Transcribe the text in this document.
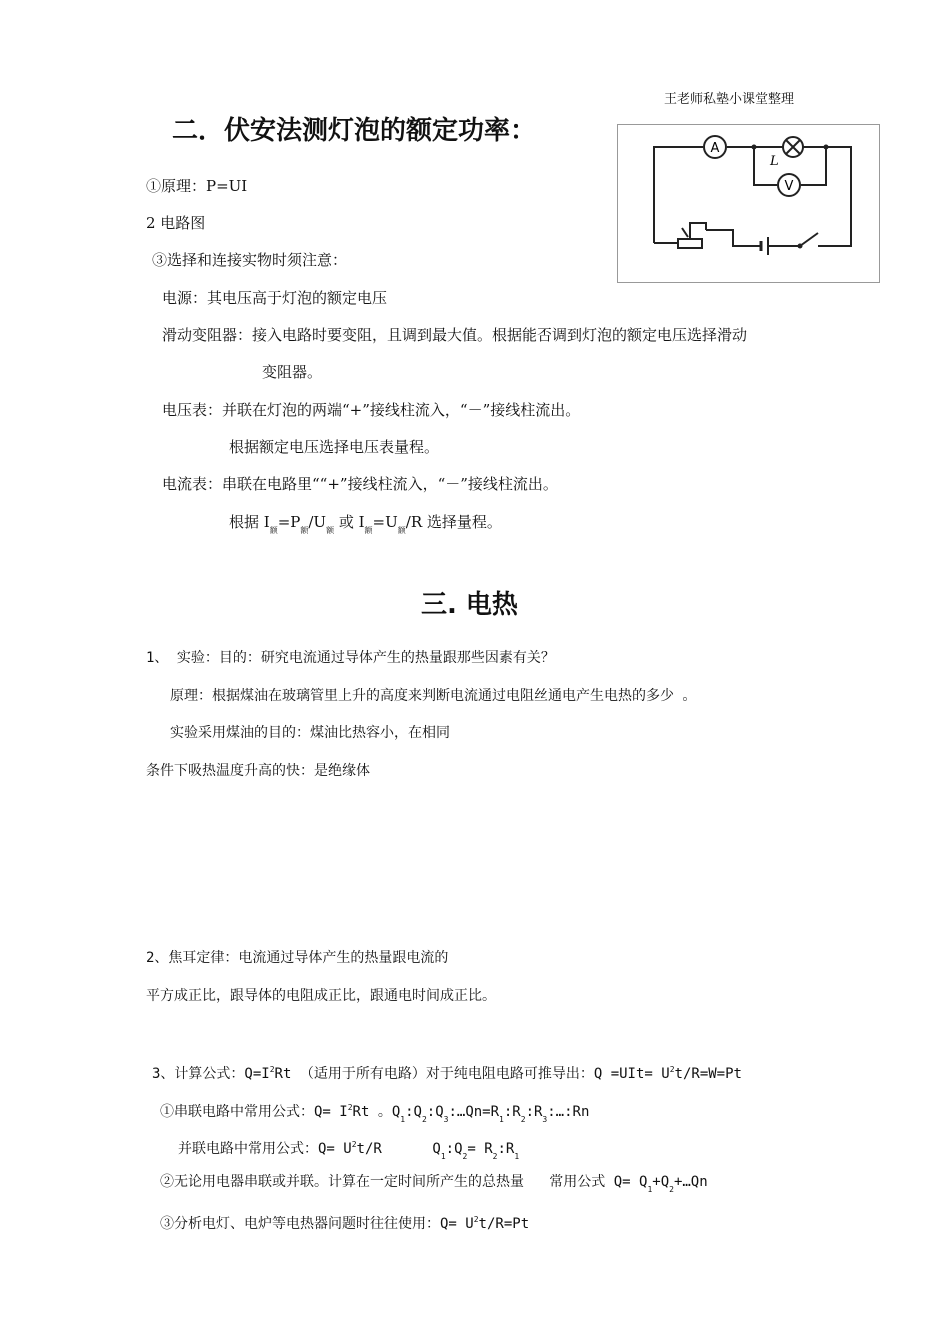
王老师私塾小课堂整理
二．伏安法测灯泡的额定功率：
①原理：P=UI
2 电路图
③选择和连接实物时须注意：
电源：其电压高于灯泡的额定电压
滑动变阻器：接入电路时要变阻，且调到最大值。根据能否调到灯泡的额定电压选择滑动
变阻器。
电压表：并联在灯泡的两端“+”接线柱流入，“－”接线柱流出。
根据额定电压选择电压表量程。
电流表：串联在电路里““+”接线柱流入，“－”接线柱流出。
根据 $I_额=P_额/U_额$ 或 $I_额=U_额/R$ 选择量程。
A
V
L
三. 电热
1、 实验：目的：研究电流通过导体产生的热量跟那些因素有关？
原理：根据煤油在玻璃管里上升的高度来判断电流通过电阻丝通电产生电热的多少 。
实验采用煤油的目的：煤油比热容小，在相同
条件下吸热温度升高的快：是绝缘体
2、焦耳定律：电流通过导体产生的热量跟电流的
平方成正比，跟导体的电阻成正比，跟通电时间成正比。
3、计算公式：$Q=I^2Rt$ （适用于所有电路）对于纯电阻电路可推导出：$Q =UIt= U^2t/R=W=Pt$
①串联电路中常用公式：$Q= I^2Rt$ 。$Q_1:Q_2:Q_3:\dots Qn=R_1:R_2:R_3:\dots:Rn$
并联电路中常用公式：$Q= U^2t/R$      $Q_1:Q_2=$ $R_2:R_1$
②无论用电器串联或并联。计算在一定时间所产生的总热量   常用公式 $Q= Q_1+Q_2+\dots Qn$
③分析电灯、电炉等电热器问题时往往使用：$Q= U^2t/R=Pt$
